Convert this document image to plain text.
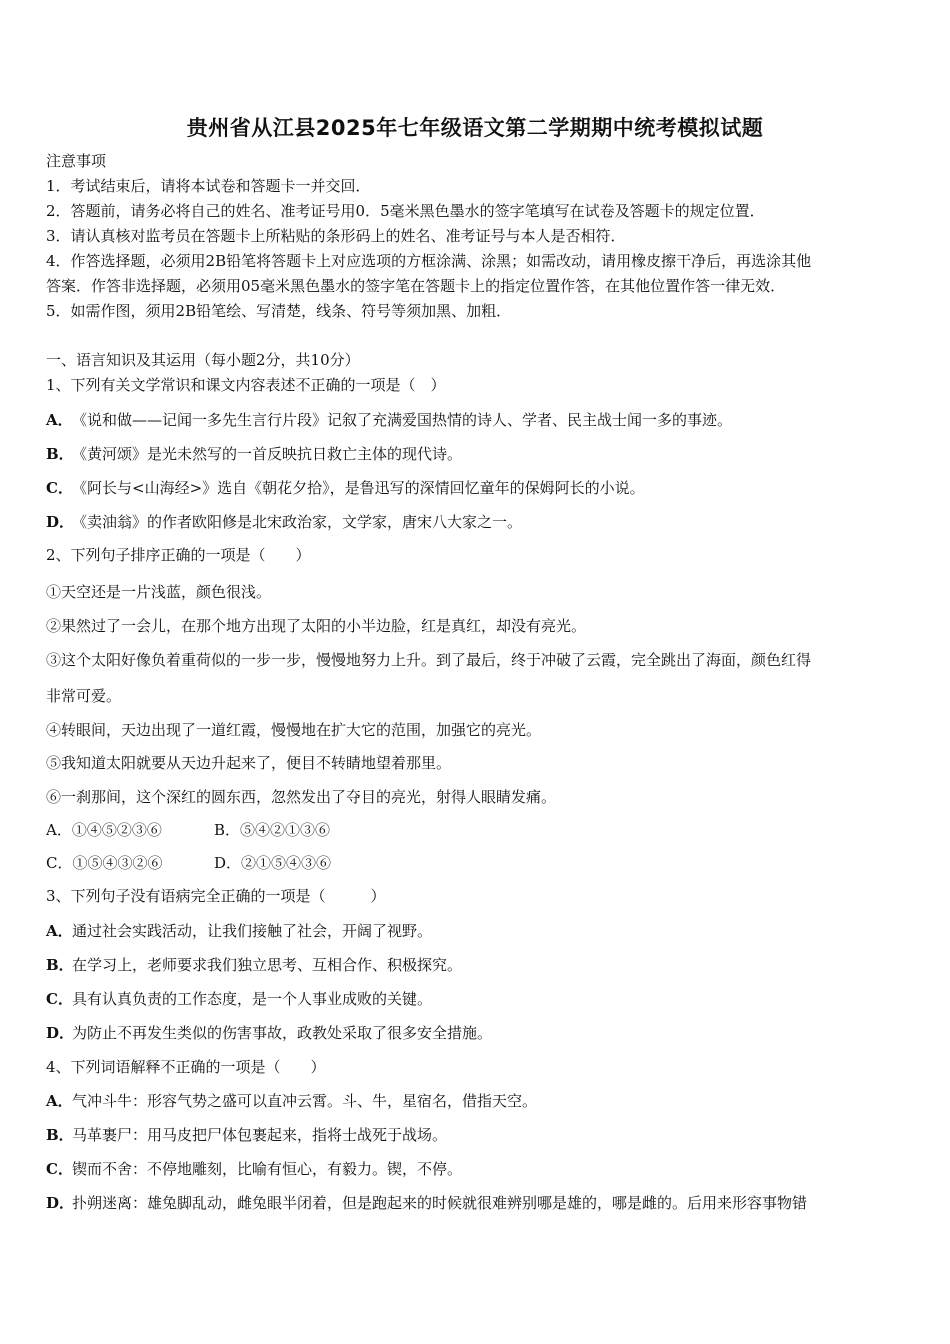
贵州省从江县2025年七年级语文第二学期期中统考模拟试题
注意事项
1．考试结束后，请将本试卷和答题卡一并交回．
2．答题前，请务必将自己的姓名、准考证号用0．5毫米黑色墨水的签字笔填写在试卷及答题卡的规定位置．
3．请认真核对监考员在答题卡上所粘贴的条形码上的姓名、准考证号与本人是否相符．
4．作答选择题，必须用2B铅笔将答题卡上对应选项的方框涂满、涂黑；如需改动，请用橡皮擦干净后，再选涂其他
答案．作答非选择题，必须用05毫米黑色墨水的签字笔在答题卡上的指定位置作答，在其他位置作答一律无效．
5．如需作图，须用2B铅笔绘、写清楚，线条、符号等须加黑、加粗．
一、语言知识及其运用（每小题2分，共10分）
1、下列有关文学常识和课文内容表述不正确的一项是（　）
A．《说和做——记闻一多先生言行片段》记叙了充满爱国热情的诗人、学者、民主战士闻一多的事迹。
B．《黄河颂》是光未然写的一首反映抗日救亡主体的现代诗。
C．《阿长与<山海经>》选自《朝花夕拾》，是鲁迅写的深情回忆童年的保姆阿长的小说。
D．《卖油翁》的作者欧阳修是北宋政治家，文学家，唐宋八大家之一。
2、下列句子排序正确的一项是（　　）
①天空还是一片浅蓝，颜色很浅。
②果然过了一会儿，在那个地方出现了太阳的小半边脸，红是真红，却没有亮光。
③这个太阳好像负着重荷似的一步一步，慢慢地努力上升。到了最后，终于冲破了云霞，完全跳出了海面，颜色红得
非常可爱。
④转眼间，天边出现了一道红霞，慢慢地在扩大它的范围，加强它的亮光。
⑤我知道太阳就要从天边升起来了，便目不转睛地望着那里。
⑥一刹那间，这个深红的圆东西，忽然发出了夺目的亮光，射得人眼睛发痛。
A．①④⑤②③⑥	B．⑤④②①③⑥
C．①⑤④③②⑥	D．②①⑤④③⑥
3、下列句子没有语病完全正确的一项是（　　　）
A．通过社会实践活动，让我们接触了社会，开阔了视野。
B．在学习上，老师要求我们独立思考、互相合作、积极探究。
C．具有认真负责的工作态度，是一个人事业成败的关键。
D．为防止不再发生类似的伤害事故，政教处采取了很多安全措施。
4、下列词语解释不正确的一项是（　　）
A．气冲斗牛：形容气势之盛可以直冲云霄。斗、牛，星宿名，借指天空。
B．马革裹尸：用马皮把尸体包裹起来，指将士战死于战场。
C．锲而不舍：不停地雕刻，比喻有恒心，有毅力。锲，不停。
D．扑朔迷离：雄兔脚乱动，雌兔眼半闭着，但是跑起来的时候就很难辨别哪是雄的，哪是雌的。后用来形容事物错
